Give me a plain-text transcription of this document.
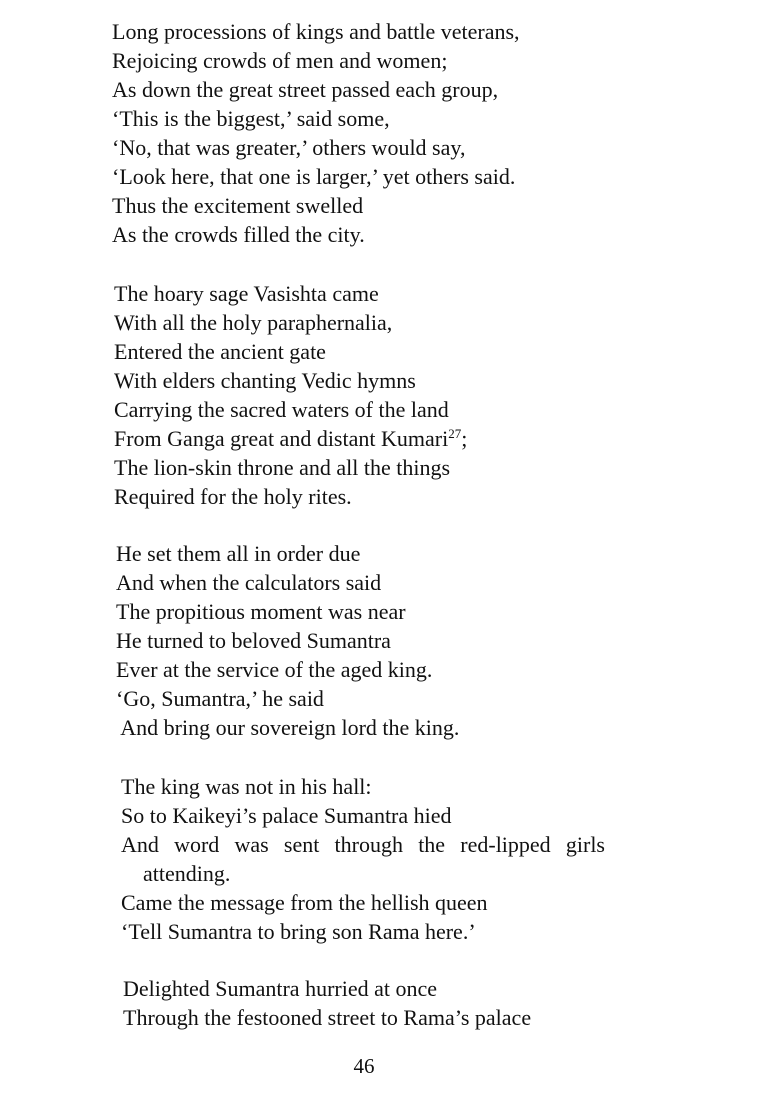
Long processions of kings and battle veterans,
Rejoicing crowds of men and women;
As down the great street passed each group,
‘This is the biggest,’ said some,
‘No, that was greater,’ others would say,
‘Look here, that one is larger,’ yet others said.
Thus the excitement swelled
As the crowds filled the city.
The hoary sage Vasishta came
With all the holy paraphernalia,
Entered the ancient gate
With elders chanting Vedic hymns
Carrying the sacred waters of the land
From Ganga great and distant Kumari$^{27}$;
The lion-skin throne and all the things
Required for the holy rites.
He set them all in order due
And when the calculators said
The propitious moment was near
He turned to beloved Sumantra
Ever at the service of the aged king.
‘Go, Sumantra,’ he said
And bring our sovereign lord the king.
The king was not in his hall:
So to Kaikeyi’s palace Sumantra hied
And word was sent through the red-lipped girls
attending.
Came the message from the hellish queen
‘Tell Sumantra to bring son Rama here.’
Delighted Sumantra hurried at once
Through the festooned street to Rama’s palace
46
